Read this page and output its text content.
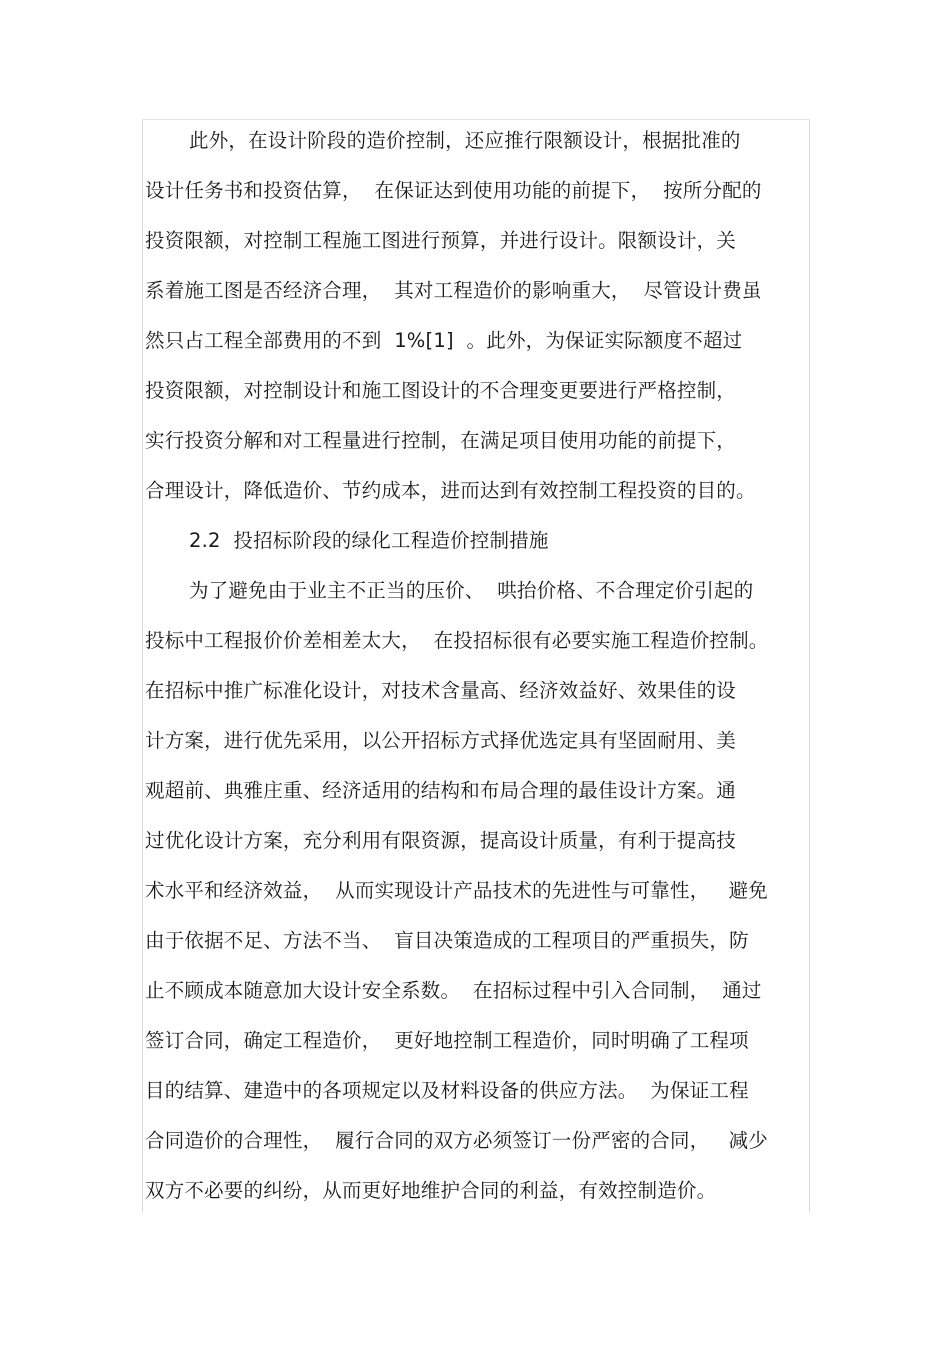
此外，在设计阶段的造价控制，还应推行限额设计，根据批准的
设计任务书和投资估算，  在保证达到使用功能的前提下，  按所分配的
投资限额，对控制工程施工图进行预算，并进行设计。限额设计，关
系着施工图是否经济合理，  其对工程造价的影响重大，  尽管设计费虽
然只占工程全部费用的不到  1%[1]  。此外，为保证实际额度不超过
投资限额，对控制设计和施工图设计的不合理变更要进行严格控制，
实行投资分解和对工程量进行控制，在满足项目使用功能的前提下，
合理设计，降低造价、节约成本，进而达到有效控制工程投资的目的。
2.2  投招标阶段的绿化工程造价控制措施
为了避免由于业主不正当的压价、  哄抬价格、不合理定价引起的
投标中工程报价价差相差太大，  在投招标很有必要实施工程造价控制。
在招标中推广标准化设计，对技术含量高、经济效益好、效果佳的设
计方案，进行优先采用，以公开招标方式择优选定具有坚固耐用、美
观超前、典雅庄重、经济适用的结构和布局合理的最佳设计方案。通
过优化设计方案，充分利用有限资源，提高设计质量，有利于提高技
术水平和经济效益，  从而实现设计产品技术的先进性与可靠性，   避免
由于依据不足、方法不当、  盲目决策造成的工程项目的严重损失，防
止不顾成本随意加大设计安全系数。  在招标过程中引入合同制，  通过
签订合同，确定工程造价，  更好地控制工程造价，同时明确了工程项
目的结算、建造中的各项规定以及材料设备的供应方法。  为保证工程
合同造价的合理性，  履行合同的双方必须签订一份严密的合同，   减少
双方不必要的纠纷，从而更好地维护合同的利益，有效控制造价。
